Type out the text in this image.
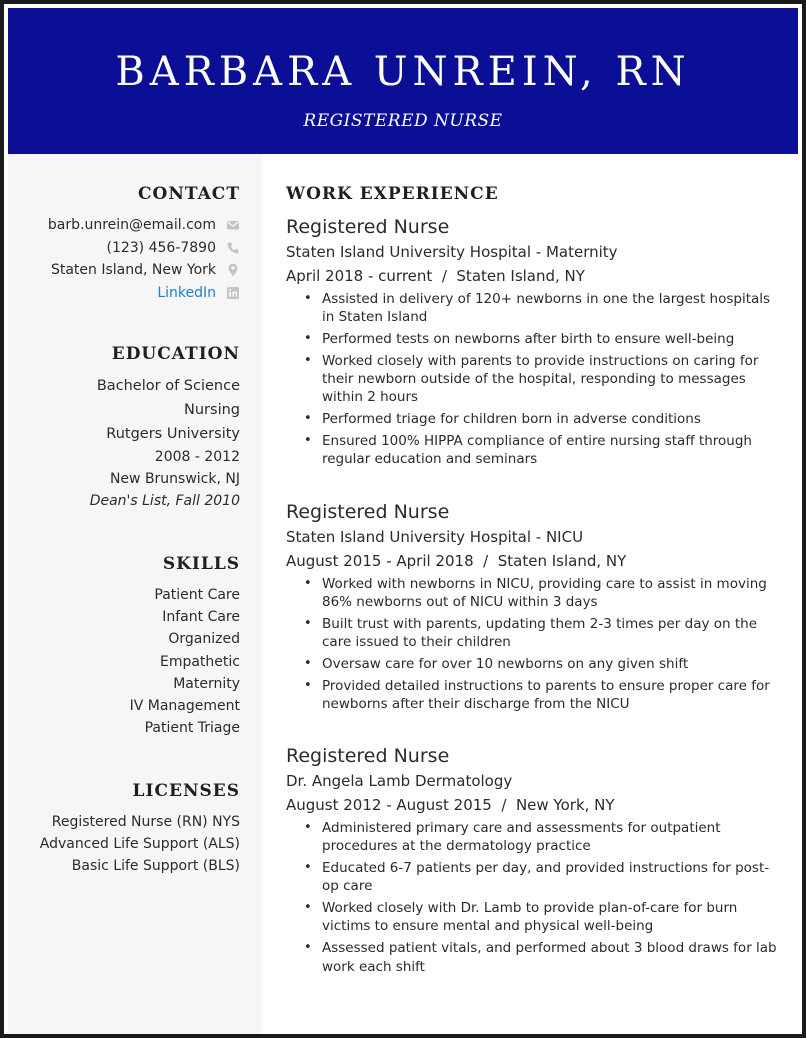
BARBARA UNREIN, RN
REGISTERED NURSE
CONTACT
barb.unrein@email.com
(123) 456-7890
Staten Island, New York
LinkedIn
EDUCATION
Bachelor of Science
Nursing
Rutgers University
2008 - 2012
New Brunswick, NJ
Dean's List, Fall 2010
SKILLS
Patient Care
Infant Care
Organized
Empathetic
Maternity
IV Management
Patient Triage
LICENSES
Registered Nurse (RN) NYS
Advanced Life Support (ALS)
Basic Life Support (BLS)
WORK EXPERIENCE
Registered Nurse
Staten Island University Hospital - Maternity
April 2018 - current  /  Staten Island, NY
• Assisted in delivery of 120+ newborns in one the largest hospitals in Staten Island
• Performed tests on newborns after birth to ensure well-being
• Worked closely with parents to provide instructions on caring for their newborn outside of the hospital, responding to messages within 2 hours
• Performed triage for children born in adverse conditions
• Ensured 100% HIPPA compliance of entire nursing staff through regular education and seminars
Registered Nurse
Staten Island University Hospital - NICU
August 2015 - April 2018  /  Staten Island, NY
• Worked with newborns in NICU, providing care to assist in moving 86% newborns out of NICU within 3 days
• Built trust with parents, updating them 2-3 times per day on the care issued to their children
• Oversaw care for over 10 newborns on any given shift
• Provided detailed instructions to parents to ensure proper care for newborns after their discharge from the NICU
Registered Nurse
Dr. Angela Lamb Dermatology
August 2012 - August 2015  /  New York, NY
• Administered primary care and assessments for outpatient procedures at the dermatology practice
• Educated 6-7 patients per day, and provided instructions for post-op care
• Worked closely with Dr. Lamb to provide plan-of-care for burn victims to ensure mental and physical well-being
• Assessed patient vitals, and performed about 3 blood draws for lab work each shift
